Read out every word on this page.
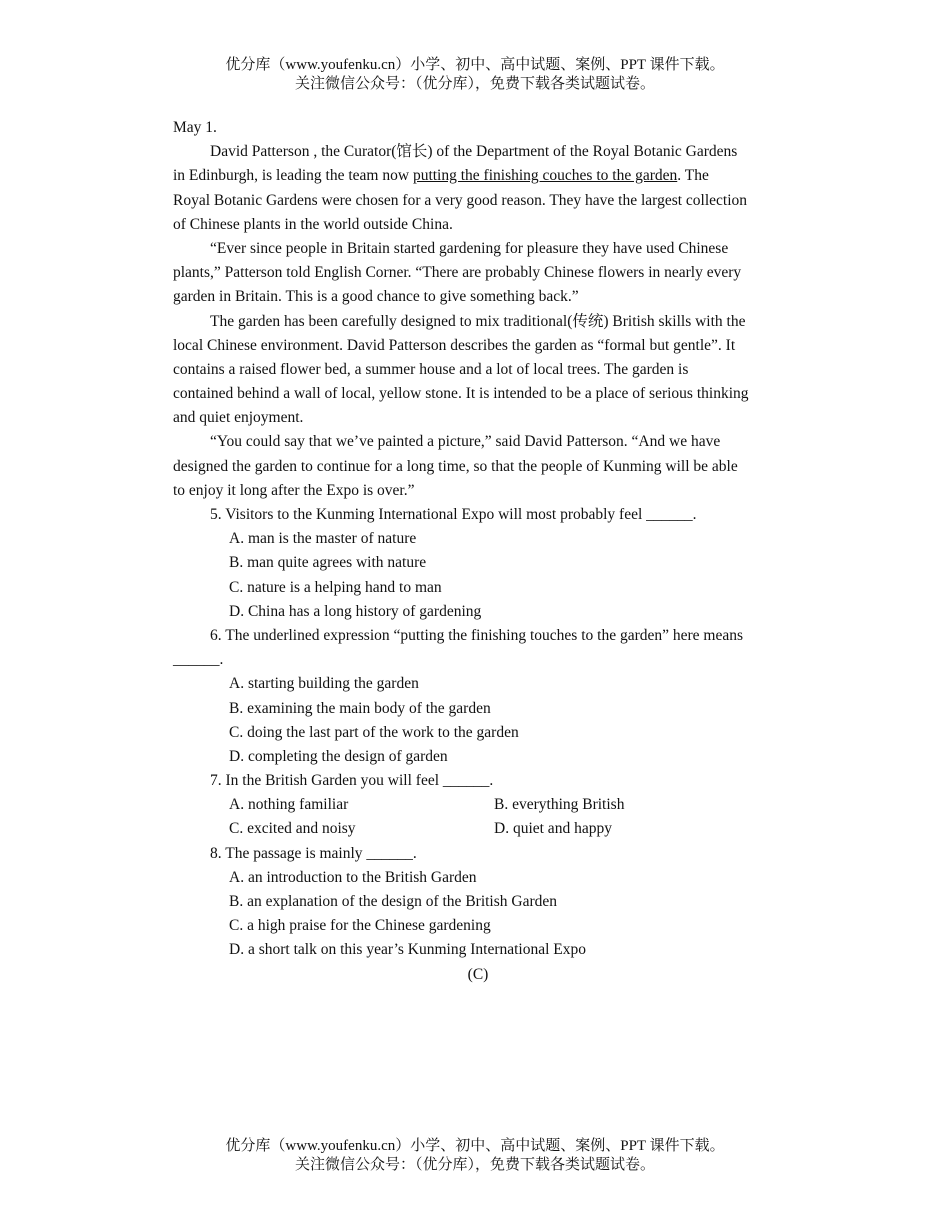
优分库（www.youfenku.cn）小学、初中、高中试题、案例、PPT 课件下载。
关注微信公众号：（优分库），免费下载各类试题试卷。
May 1.
David Patterson , the Curator(馆长) of the Department of the Royal Botanic Gardens
in Edinburgh, is leading the team now putting the finishing couches to the garden. The
Royal Botanic Gardens were chosen for a very good reason. They have the largest collection
of Chinese plants in the world outside China.
“Ever since people in Britain started gardening for pleasure they have used Chinese
plants,” Patterson told English Corner. “There are probably Chinese flowers in nearly every
garden in Britain. This is a good chance to give something back.”
The garden has been carefully designed to mix traditional(传统) British skills with the
local Chinese environment. David Patterson describes the garden as “formal but gentle”. It
contains a raised flower bed, a summer house and a lot of local trees. The garden is
contained behind a wall of local, yellow stone. It is intended to be a place of serious thinking
and quiet enjoyment.
“You could say that we’ve painted a picture,” said David Patterson. “And we have
designed the garden to continue for a long time, so that the people of Kunming will be able
to enjoy it long after the Expo is over.”
5. Visitors to the Kunming International Expo will most probably feel ______.
A. man is the master of nature
B. man quite agrees with nature
C. nature is a helping hand to man
D. China has a long history of gardening
6. The underlined expression “putting the finishing touches to the garden” here means
______.
A. starting building the garden
B. examining the main body of the garden
C. doing the last part of the work to the garden
D. completing the design of garden
7. In the British Garden you will feel ______.
A. nothing familiar	B. everything British
C. excited and noisy	D. quiet and happy
8. The passage is mainly ______.
A. an introduction to the British Garden
B. an explanation of the design of the British Garden
C. a high praise for the Chinese gardening
D. a short talk on this year’s Kunming International Expo
(C)
优分库（www.youfenku.cn）小学、初中、高中试题、案例、PPT 课件下载。
关注微信公众号：（优分库），免费下载各类试题试卷。
